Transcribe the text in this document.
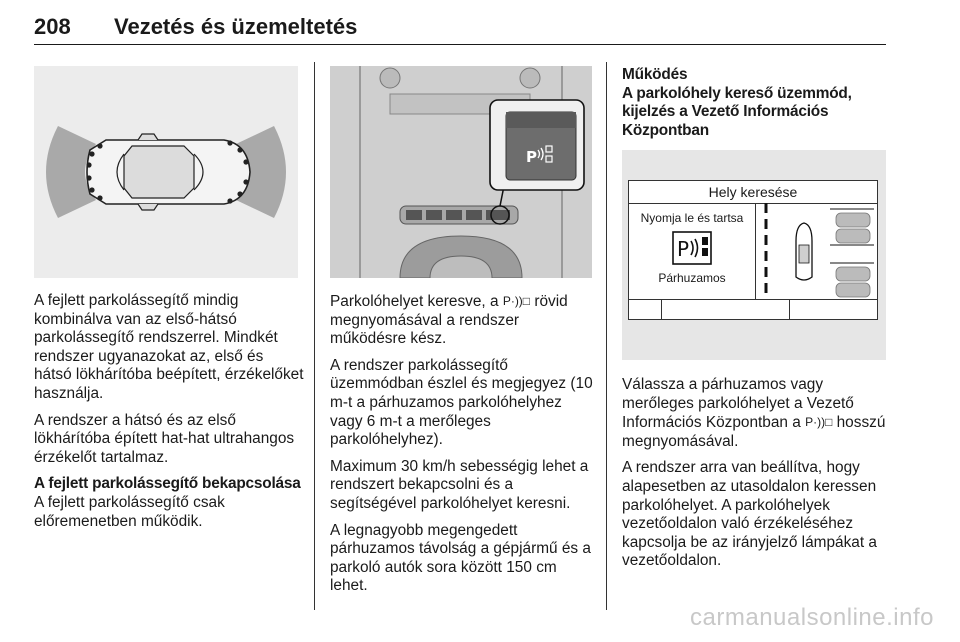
208 Vezetés és üzemeltetés
P

A fejlett parkolássegítő mindig kombinálva van az első-hátsó parkolássegítő rendszerrel. Mindkét rendszer ugyanazokat az, első és hátsó lökhárítóba beépített, érzékelőket használja.

A rendszer a hátsó és az első lökhárítóba épített hat-hat ultrahangos érzékelőt tartalmaz.

A fejlett parkolássegítő bekapcsolása

A fejlett parkolássegítő csak előremenetben működik.

Parkolóhelyet keresve, a P·))□ rövid megnyomásával a rendszer működésre kész.

A rendszer parkolássegítő üzemmódban észlel és megjegyez (10 m-t a párhuzamos parkolóhelyhez vagy 6 m-t a merőleges parkolóhelyhez).

Maximum 30 km/h sebességig lehet a rendszert bekapcsolni és a segítségével parkolóhelyet keresni.

A legnagyobb megengedett párhuzamos távolság a gépjármű és a parkoló autók sora között 150 cm lehet.

Működés
A parkolóhely kereső üzemmód, kijelzés a Vezető Információs Központban
Hely keresése
Nyomja le és tartsa
P
Párhuzamos

Válassza a párhuzamos vagy merőleges parkolóhelyet a Vezető Információs Központban a P·))□ hosszú megnyomásával.

A rendszer arra van beállítva, hogy alapesetben az utasoldalon keressen parkolóhelyet. A parkolóhelyek vezetőoldalon való érzékeléséhez kapcsolja be az irányjelző lámpákat a vezetőoldalon.

carmanualsonline.info
